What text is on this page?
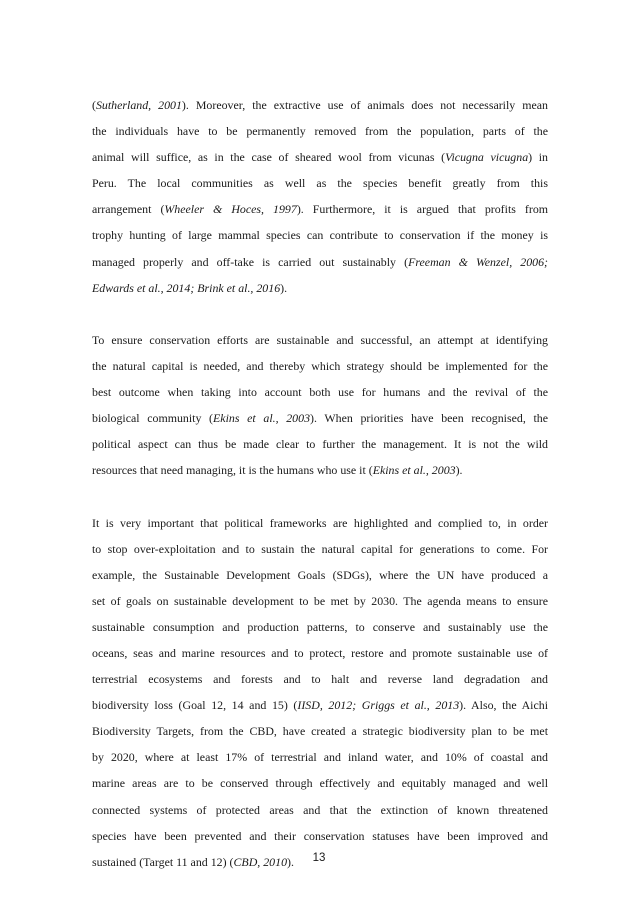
(Sutherland, 2001). Moreover, the extractive use of animals does not necessarily mean
the individuals have to be permanently removed from the population, parts of the
animal will suffice, as in the case of sheared wool from vicunas (Vicugna vicugna) in
Peru. The local communities as well as the species benefit greatly from this
arrangement (Wheeler & Hoces, 1997). Furthermore, it is argued that profits from
trophy hunting of large mammal species can contribute to conservation if the money is
managed properly and off-take is carried out sustainably (Freeman & Wenzel, 2006;
Edwards et al., 2014; Brink et al., 2016).
To ensure conservation efforts are sustainable and successful, an attempt at identifying
the natural capital is needed, and thereby which strategy should be implemented for the
best outcome when taking into account both use for humans and the revival of the
biological community (Ekins et al., 2003). When priorities have been recognised, the
political aspect can thus be made clear to further the management. It is not the wild
resources that need managing, it is the humans who use it (Ekins et al., 2003).
It is very important that political frameworks are highlighted and complied to, in order
to stop over-exploitation and to sustain the natural capital for generations to come. For
example, the Sustainable Development Goals (SDGs), where the UN have produced a
set of goals on sustainable development to be met by 2030. The agenda means to ensure
sustainable consumption and production patterns, to conserve and sustainably use the
oceans, seas and marine resources and to protect, restore and promote sustainable use of
terrestrial ecosystems and forests and to halt and reverse land degradation and
biodiversity loss (Goal 12, 14 and 15) (IISD, 2012; Griggs et al., 2013). Also, the Aichi
Biodiversity Targets, from the CBD, have created a strategic biodiversity plan to be met
by 2020, where at least 17% of terrestrial and inland water, and 10% of coastal and
marine areas are to be conserved through effectively and equitably managed and well
connected systems of protected areas and that the extinction of known threatened
species have been prevented and their conservation statuses have been improved and
sustained (Target 11 and 12) (CBD, 2010).	13
